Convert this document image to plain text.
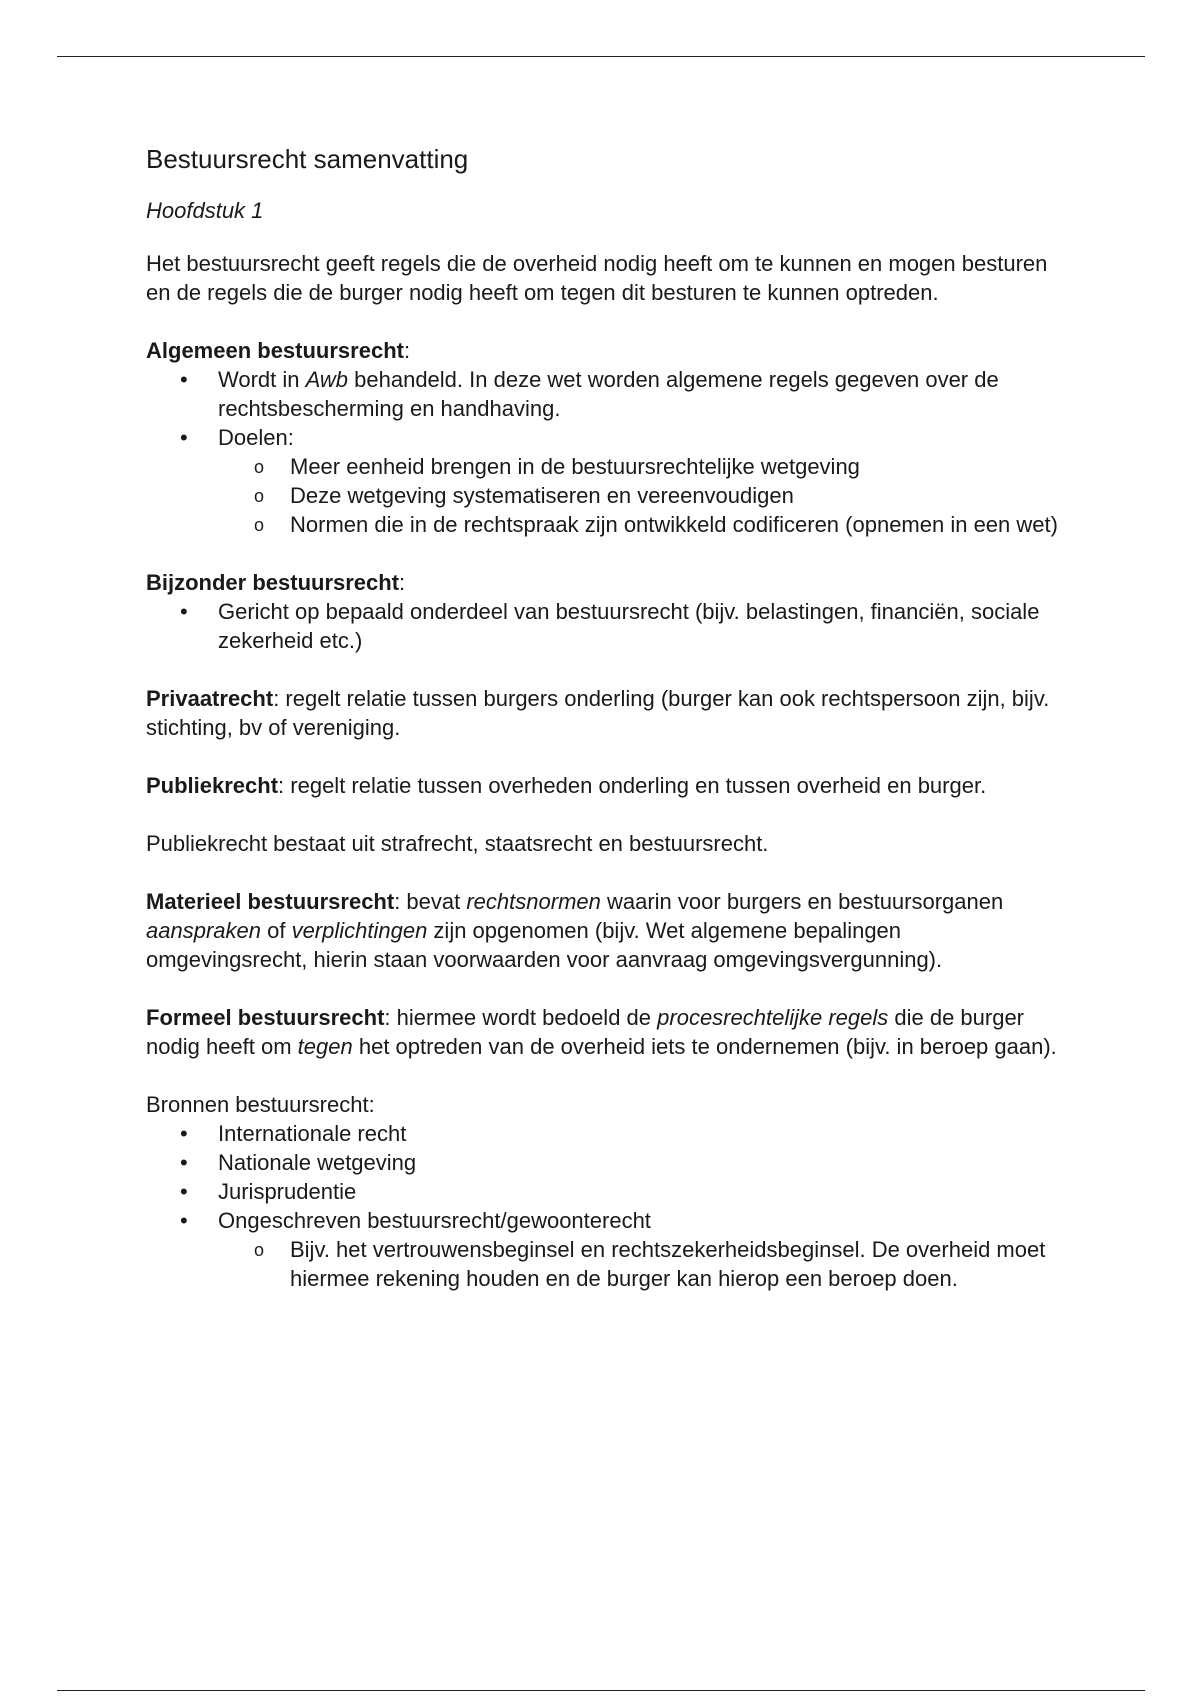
Bestuursrecht samenvatting
Hoofdstuk 1

Het bestuursrecht geeft regels die de overheid nodig heeft om te kunnen en mogen besturen en de regels die de burger nodig heeft om tegen dit besturen te kunnen optreden.

Algemeen bestuursrecht:
• Wordt in Awb behandeld. In deze wet worden algemene regels gegeven over de rechtsbescherming en handhaving.
• Doelen:
o Meer eenheid brengen in de bestuursrechtelijke wetgeving
o Deze wetgeving systematiseren en vereenvoudigen
o Normen die in de rechtspraak zijn ontwikkeld codificeren (opnemen in een wet)
Bijzonder bestuursrecht:
• Gericht op bepaald onderdeel van bestuursrecht (bijv. belastingen, financiën, sociale zekerheid etc.)

Privaatrecht: regelt relatie tussen burgers onderling (burger kan ook rechtspersoon zijn, bijv. stichting, bv of vereniging.

Publiekrecht: regelt relatie tussen overheden onderling en tussen overheid en burger.

Publiekrecht bestaat uit strafrecht, staatsrecht en bestuursrecht.

Materieel bestuursrecht: bevat rechtsnormen waarin voor burgers en bestuursorganen aanspraken of verplichtingen zijn opgenomen (bijv. Wet algemene bepalingen omgevingsrecht, hierin staan voorwaarden voor aanvraag omgevingsvergunning).

Formeel bestuursrecht: hiermee wordt bedoeld de procesrechtelijke regels die de burger nodig heeft om tegen het optreden van de overheid iets te ondernemen (bijv. in beroep gaan).

Bronnen bestuursrecht:
• Internationale recht
• Nationale wetgeving
• Jurisprudentie
• Ongeschreven bestuursrecht/gewoonterecht
o Bijv. het vertrouwensbeginsel en rechtszekerheidsbeginsel. De overheid moet hiermee rekening houden en de burger kan hierop een beroep doen.
